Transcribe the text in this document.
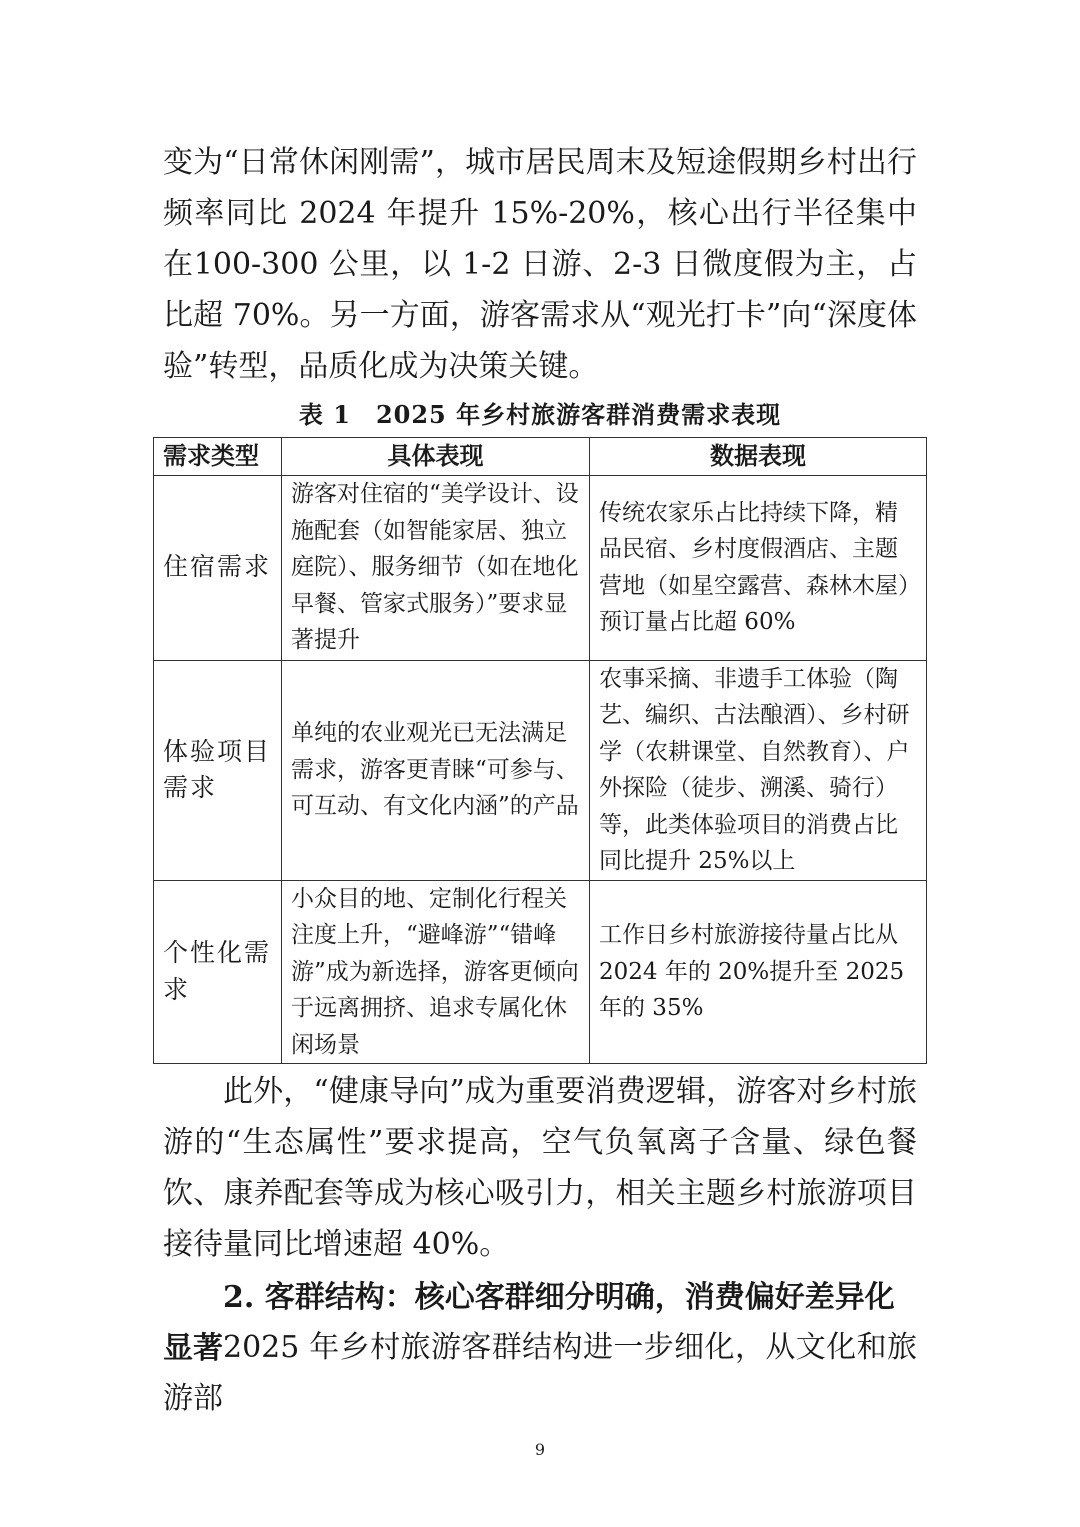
变为“日常休闲刚需”，城市居民周末及短途假期乡村出行频率同比 2024 年提升 15%-20%，核心出行半径集中在100-300 公里，以 1-2 日游、2-3 日微度假为主，占比超 70%。另一方面，游客需求从“观光打卡”向“深度体验”转型，品质化成为决策关键。

表 1　2025 年乡村旅游客群消费需求表现
需求类型	具体表现	数据表现
住宿需求	游客对住宿的“美学设计、设施配套（如智能家居、独立庭院）、服务细节（如在地化早餐、管家式服务）”要求显著提升	传统农家乐占比持续下降，精品民宿、乡村度假酒店、主题营地（如星空露营、森林木屋）预订量占比超 60%
体验项目需求	单纯的农业观光已无法满足需求，游客更青睐“可参与、可互动、有文化内涵”的产品	农事采摘、非遗手工体验（陶艺、编织、古法酿酒）、乡村研学（农耕课堂、自然教育）、户外探险（徒步、溯溪、骑行）等，此类体验项目的消费占比同比提升 25%以上
个性化需求	小众目的地、定制化行程关注度上升，“避峰游”“错峰游”成为新选择，游客更倾向于远离拥挤、追求专属化休闲场景	工作日乡村旅游接待量占比从 2024 年的 20%提升至 2025 年的 35%

此外，“健康导向”成为重要消费逻辑，游客对乡村旅游的“生态属性”要求提高，空气负氧离子含量、绿色餐饮、康养配套等成为核心吸引力，相关主题乡村旅游项目接待量同比增速超 40%。

2. 客群结构：核心客群细分明确，消费偏好差异化显著 2025 年乡村旅游客群结构进一步细化，从文化和旅游部

9
